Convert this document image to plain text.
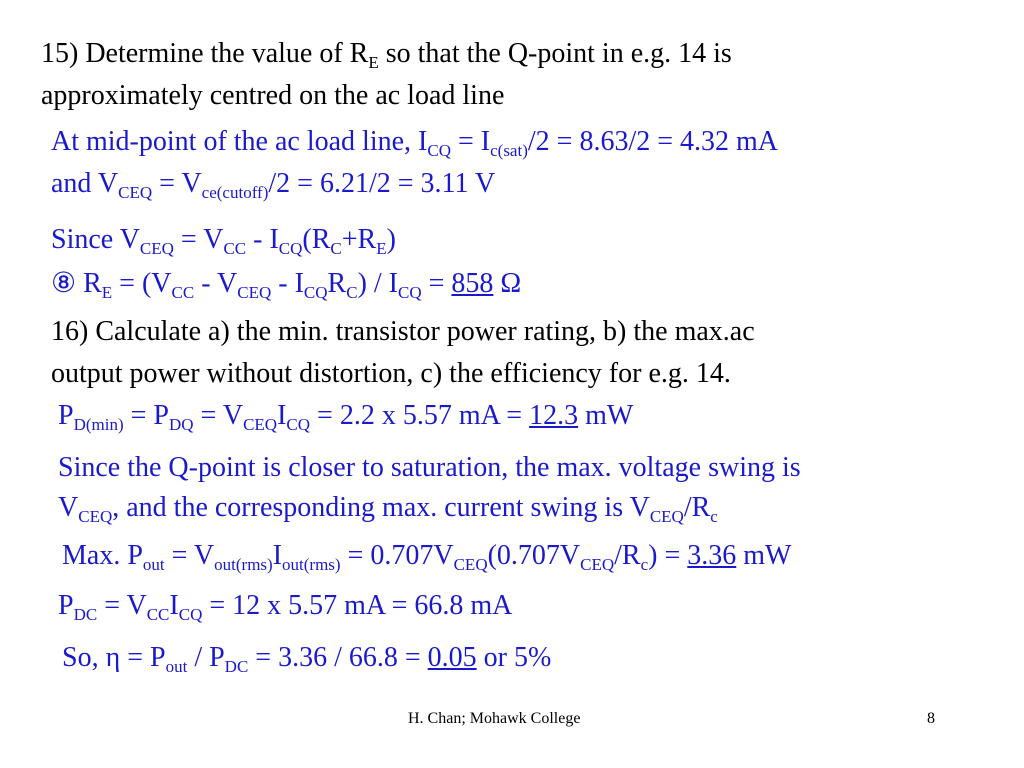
15) Determine the value of $R_E$ so that the Q-point in e.g. 14 is
approximately centred on the ac load line
At mid-point of the ac load line, $I_{CQ} = I_{c(sat)}/2 = 8.63/2 = 4.32$ mA
and $V_{CEQ} = V_{ce(cutoff)}/2 = 6.21/2 = 3.11$ V
Since $V_{CEQ} = V_{CC} - I_{CQ}(R_C+R_E)$
⑧ $R_E = (V_{CC} - V_{CEQ} - I_{CQ}R_C) / I_{CQ} = 858$ Ω
16) Calculate a) the min. transistor power rating, b) the max.ac
output power without distortion, c) the efficiency for e.g. 14.
$P_{D(min)} = P_{DQ} = V_{CEQ}I_{CQ} = 2.2$ x 5.57 mA = 12.3 mW
Since the Q-point is closer to saturation, the max. voltage swing is
$V_{CEQ}$, and the corresponding max. current swing is $V_{CEQ}/R_c$
Max. $P_{out} = V_{out(rms)}I_{out(rms)} = 0.707V_{CEQ}(0.707V_{CEQ}/R_c) = 3.36$ mW
$P_{DC} = V_{CC}I_{CQ} = 12$ x 5.57 mA = 66.8 mA
So, $\eta = P_{out} / P_{DC} = 3.36 / 66.8 = 0.05$ or 5%
H. Chan; Mohawk College	8
